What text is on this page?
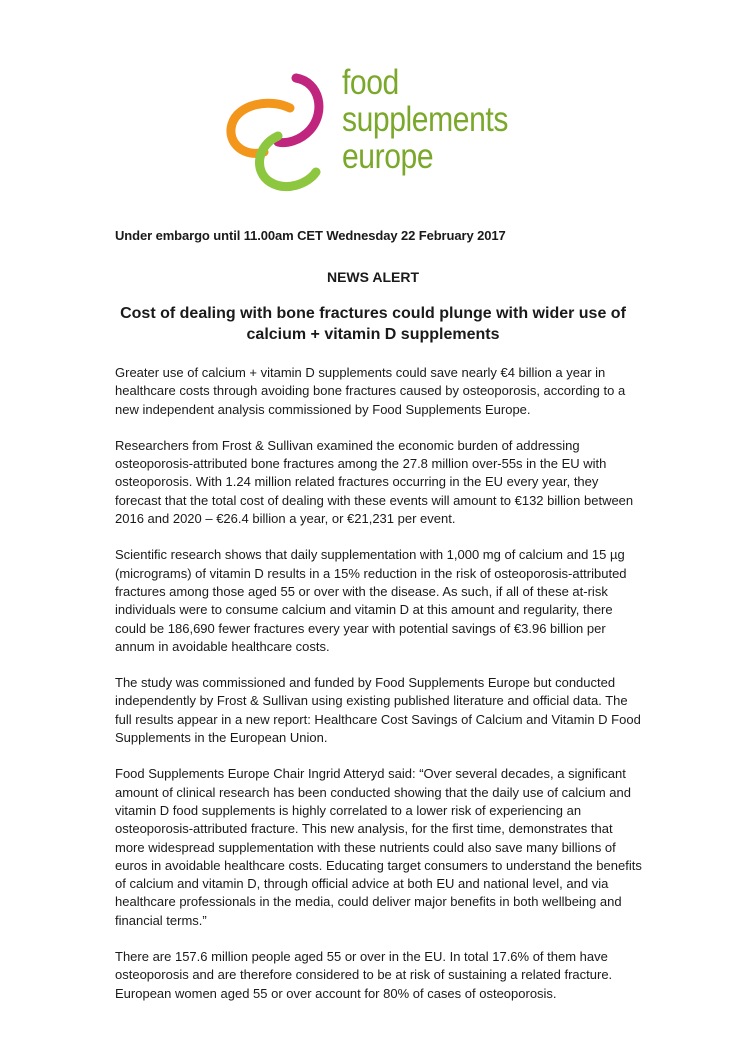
food
supplements
europe
Under embargo until 11.00am CET Wednesday 22 February 2017
NEWS ALERT
Cost of dealing with bone fractures could plunge with wider use of calcium + vitamin D supplements

Greater use of calcium + vitamin D supplements could save nearly €4 billion a year in healthcare costs through avoiding bone fractures caused by osteoporosis, according to a new independent analysis commissioned by Food Supplements Europe.

Researchers from Frost & Sullivan examined the economic burden of addressing osteoporosis-attributed bone fractures among the 27.8 million over-55s in the EU with osteoporosis. With 1.24 million related fractures occurring in the EU every year, they forecast that the total cost of dealing with these events will amount to €132 billion between 2016 and 2020 – €26.4 billion a year, or €21,231 per event.

Scientific research shows that daily supplementation with 1,000 mg of calcium and 15 µg (micrograms) of vitamin D results in a 15% reduction in the risk of osteoporosis-attributed fractures among those aged 55 or over with the disease. As such, if all of these at-risk individuals were to consume calcium and vitamin D at this amount and regularity, there could be 186,690 fewer fractures every year with potential savings of €3.96 billion per annum in avoidable healthcare costs.

The study was commissioned and funded by Food Supplements Europe but conducted independently by Frost & Sullivan using existing published literature and official data. The full results appear in a new report: Healthcare Cost Savings of Calcium and Vitamin D Food Supplements in the European Union.

Food Supplements Europe Chair Ingrid Atteryd said: “Over several decades, a significant amount of clinical research has been conducted showing that the daily use of calcium and vitamin D food supplements is highly correlated to a lower risk of experiencing an osteoporosis-attributed fracture. This new analysis, for the first time, demonstrates that more widespread supplementation with these nutrients could also save many billions of euros in avoidable healthcare costs. Educating target consumers to understand the benefits of calcium and vitamin D, through official advice at both EU and national level, and via healthcare professionals in the media, could deliver major benefits in both wellbeing and financial terms.”

There are 157.6 million people aged 55 or over in the EU. In total 17.6% of them have osteoporosis and are therefore considered to be at risk of sustaining a related fracture. European women aged 55 or over account for 80% of cases of osteoporosis.
